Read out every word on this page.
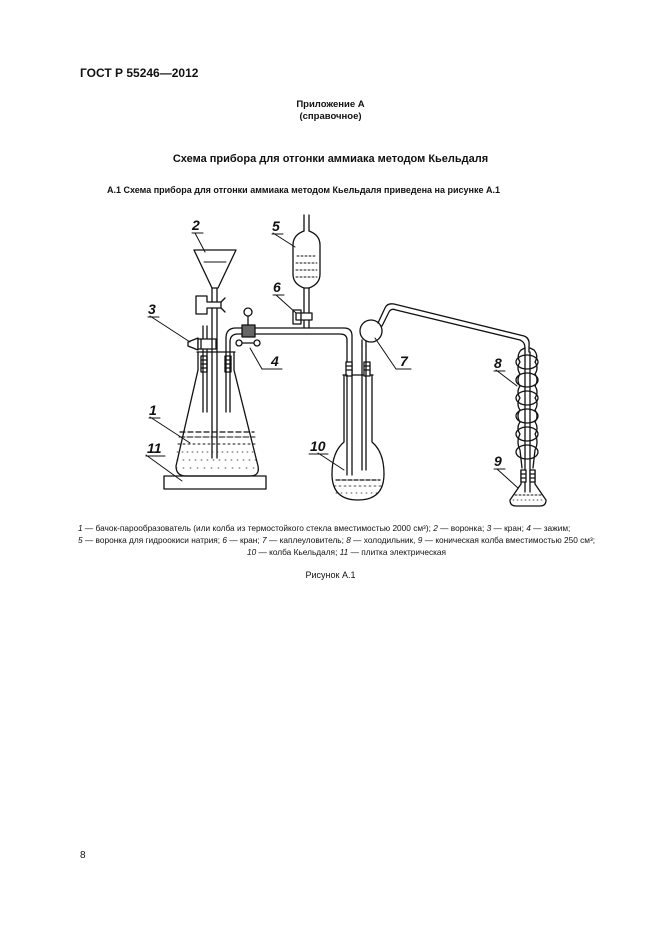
ГОСТ Р 55246—2012
Приложение А
(справочное)
Схема прибора для отгонки аммиака методом Кьельдаля
А.1 Схема прибора для отгонки аммиака методом Кьельдаля приведена на рисунке А.1
1
2
3
4
5
6
7	8
9
10
11
1 — бачок-парообразователь (или колба из термостойкого стекла вместимостью 2000 см³); 2 — воронка; 3 — кран; 4 — зажим;
5 — воронка для гидроокиси натрия; 6 — кран; 7 — каплеуловитель; 8 — холодильник, 9 — коническая колба вместимостью 250 см³;
10 — колба Кьельдаля; 11 — плитка электрическая
Рисунок А.1
8
